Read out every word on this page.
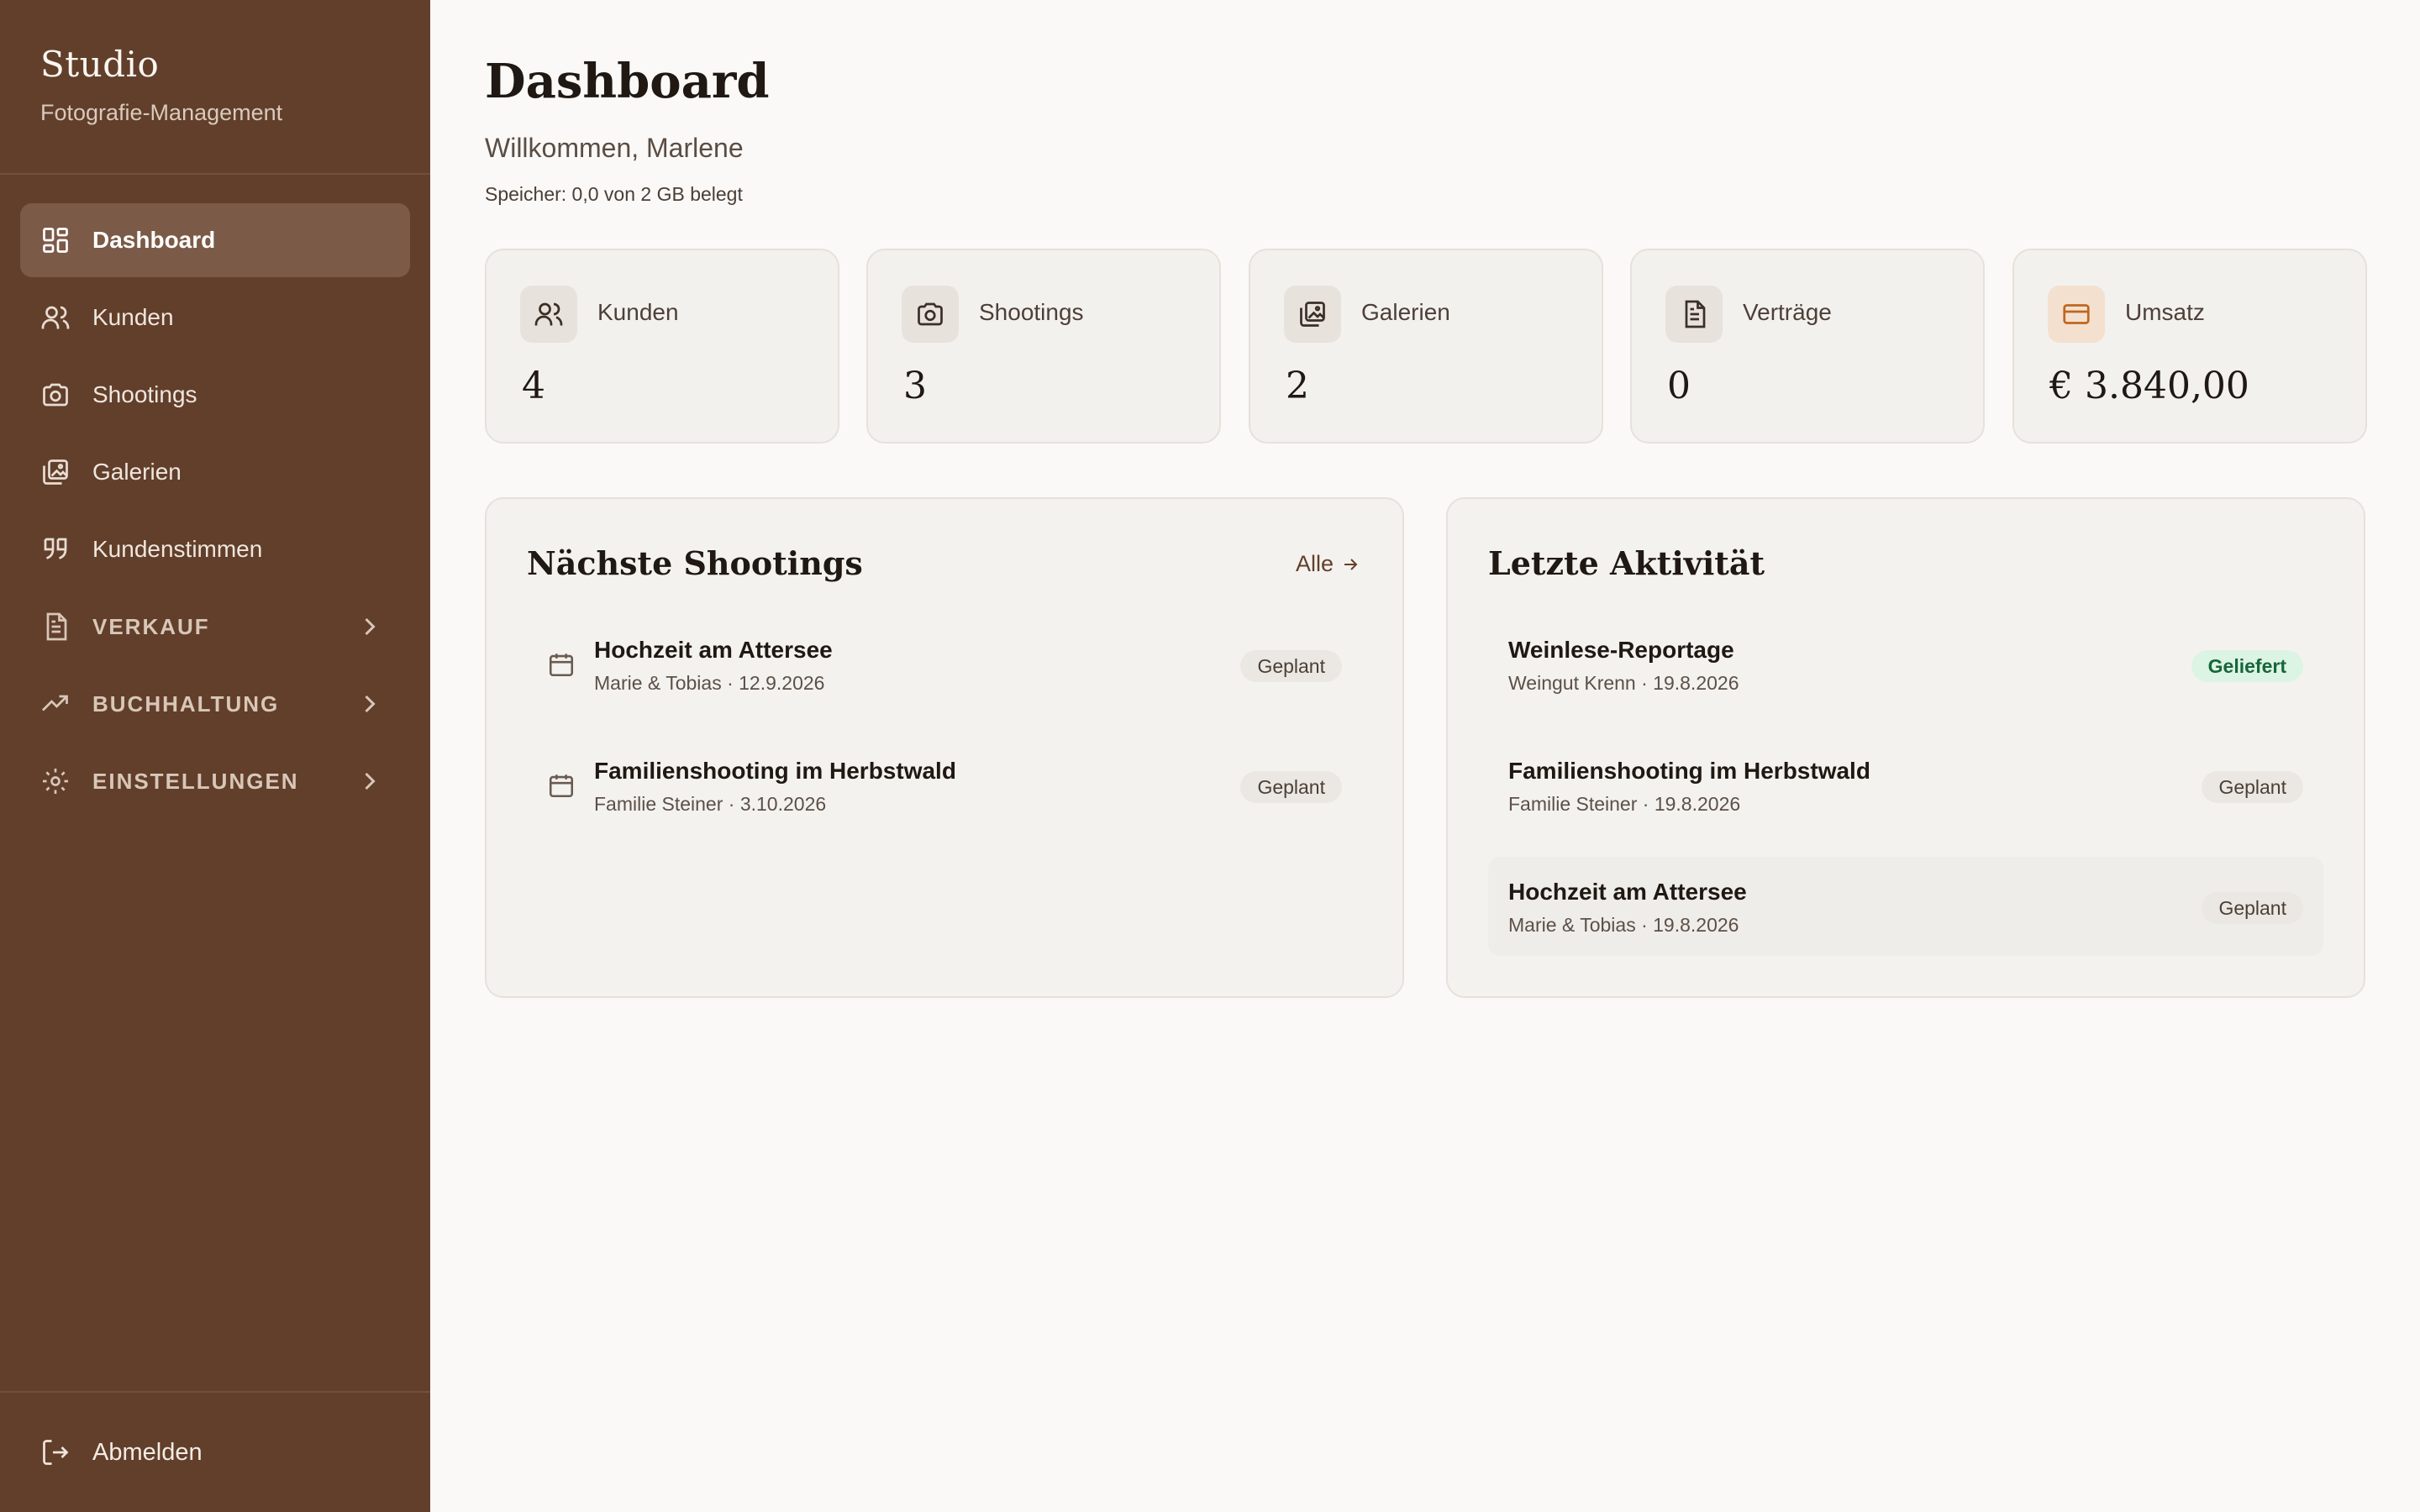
Studio
Fotografie-Management
Dashboard
Kunden
Shootings
Galerien
Kundenstimmen
VERKAUF
BUCHHALTUNG
EINSTELLUNGEN
Abmelden
Dashboard
Willkommen, Marlene
Speicher: 0,0 von 2 GB belegt
Kunden
4
Shootings
3
Galerien
2
Verträge
0
Umsatz
€ 3.840,00
Nächste Shootings	Alle
Hochzeit am Attersee
Marie & Tobias · 12.9.2026
Geplant
Familienshooting im Herbstwald
Familie Steiner · 3.10.2026
Geplant
Letzte Aktivität
Weinlese-Reportage
Weingut Krenn · 19.8.2026
Geliefert
Familienshooting im Herbstwald
Familie Steiner · 19.8.2026
Geplant
Hochzeit am Attersee
Marie & Tobias · 19.8.2026
Geplant
